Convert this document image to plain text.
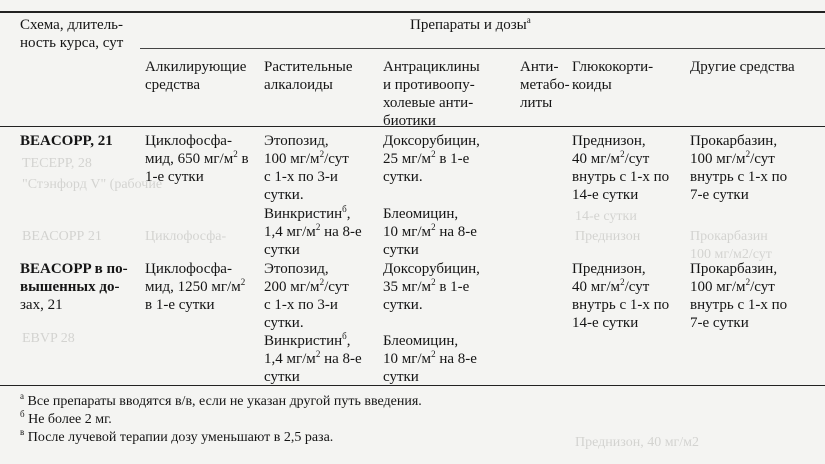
ТЕСЕРР, 28
"Стэнфорд V" (рабочие
ВЕАСОРР 21
EBVP 28
Циклофосфа-	Преднизон	Прокарбазин
100 мг/м2/сут
14-е сутки
Преднизон, 40 мг/м2
Схема, длитель-
ность курса, сут
Препараты и дозы$^а$
Алкилирующие
средства
Растительные
алкалоиды
Антрациклины
и противоопу-
холевые анти-
биотики
Анти-
метабо-
литы
Глюкокорти-
коиды
Другие средства
BEACOPP, 21 Циклофосфа-
мид, 650 $мг/м^2$ в
1-е сутки
Этопозид,
100 $мг/м^2$/сут
с 1-х по 3-и
сутки.
Винкристин$^б$,
1,4 $мг/м^2$ на 8-е
сутки
Доксорубицин,
25 $мг/м^2$ в 1-е
сутки.
Блеомицин,
10 $мг/м^2$ на 8-е
сутки
Преднизон,
40 $мг/м^2$/сут
внутрь с 1-х по
14-е сутки
Прокарбазин,
100 $мг/м^2$/сут
внутрь с 1-х по
7-е сутки
BEACOPP в по-
вышенных до-
зах, 21
Циклофосфа-
мид, 1250 $мг/м^2$
в 1-е сутки
Этопозид,
200 $мг/м^2$/сут
с 1-х по 3-и
сутки.
Винкристин$^б$,
1,4 $мг/м^2$ на 8-е
сутки
Доксорубицин,
35 $мг/м^2$ в 1-е
сутки.
Блеомицин,
10 $мг/м^2$ на 8-е
сутки
Преднизон,
40 $мг/м^2$/сут
внутрь с 1-х по
14-е сутки
Прокарбазин,
100 $мг/м^2$/сут
внутрь с 1-х по
7-е сутки
$^а$ Все препараты вводятся в/в, если не указан другой путь введения.
$^б$ Не более 2 мг.
$^в$ После лучевой терапии дозу уменьшают в 2,5 раза.
